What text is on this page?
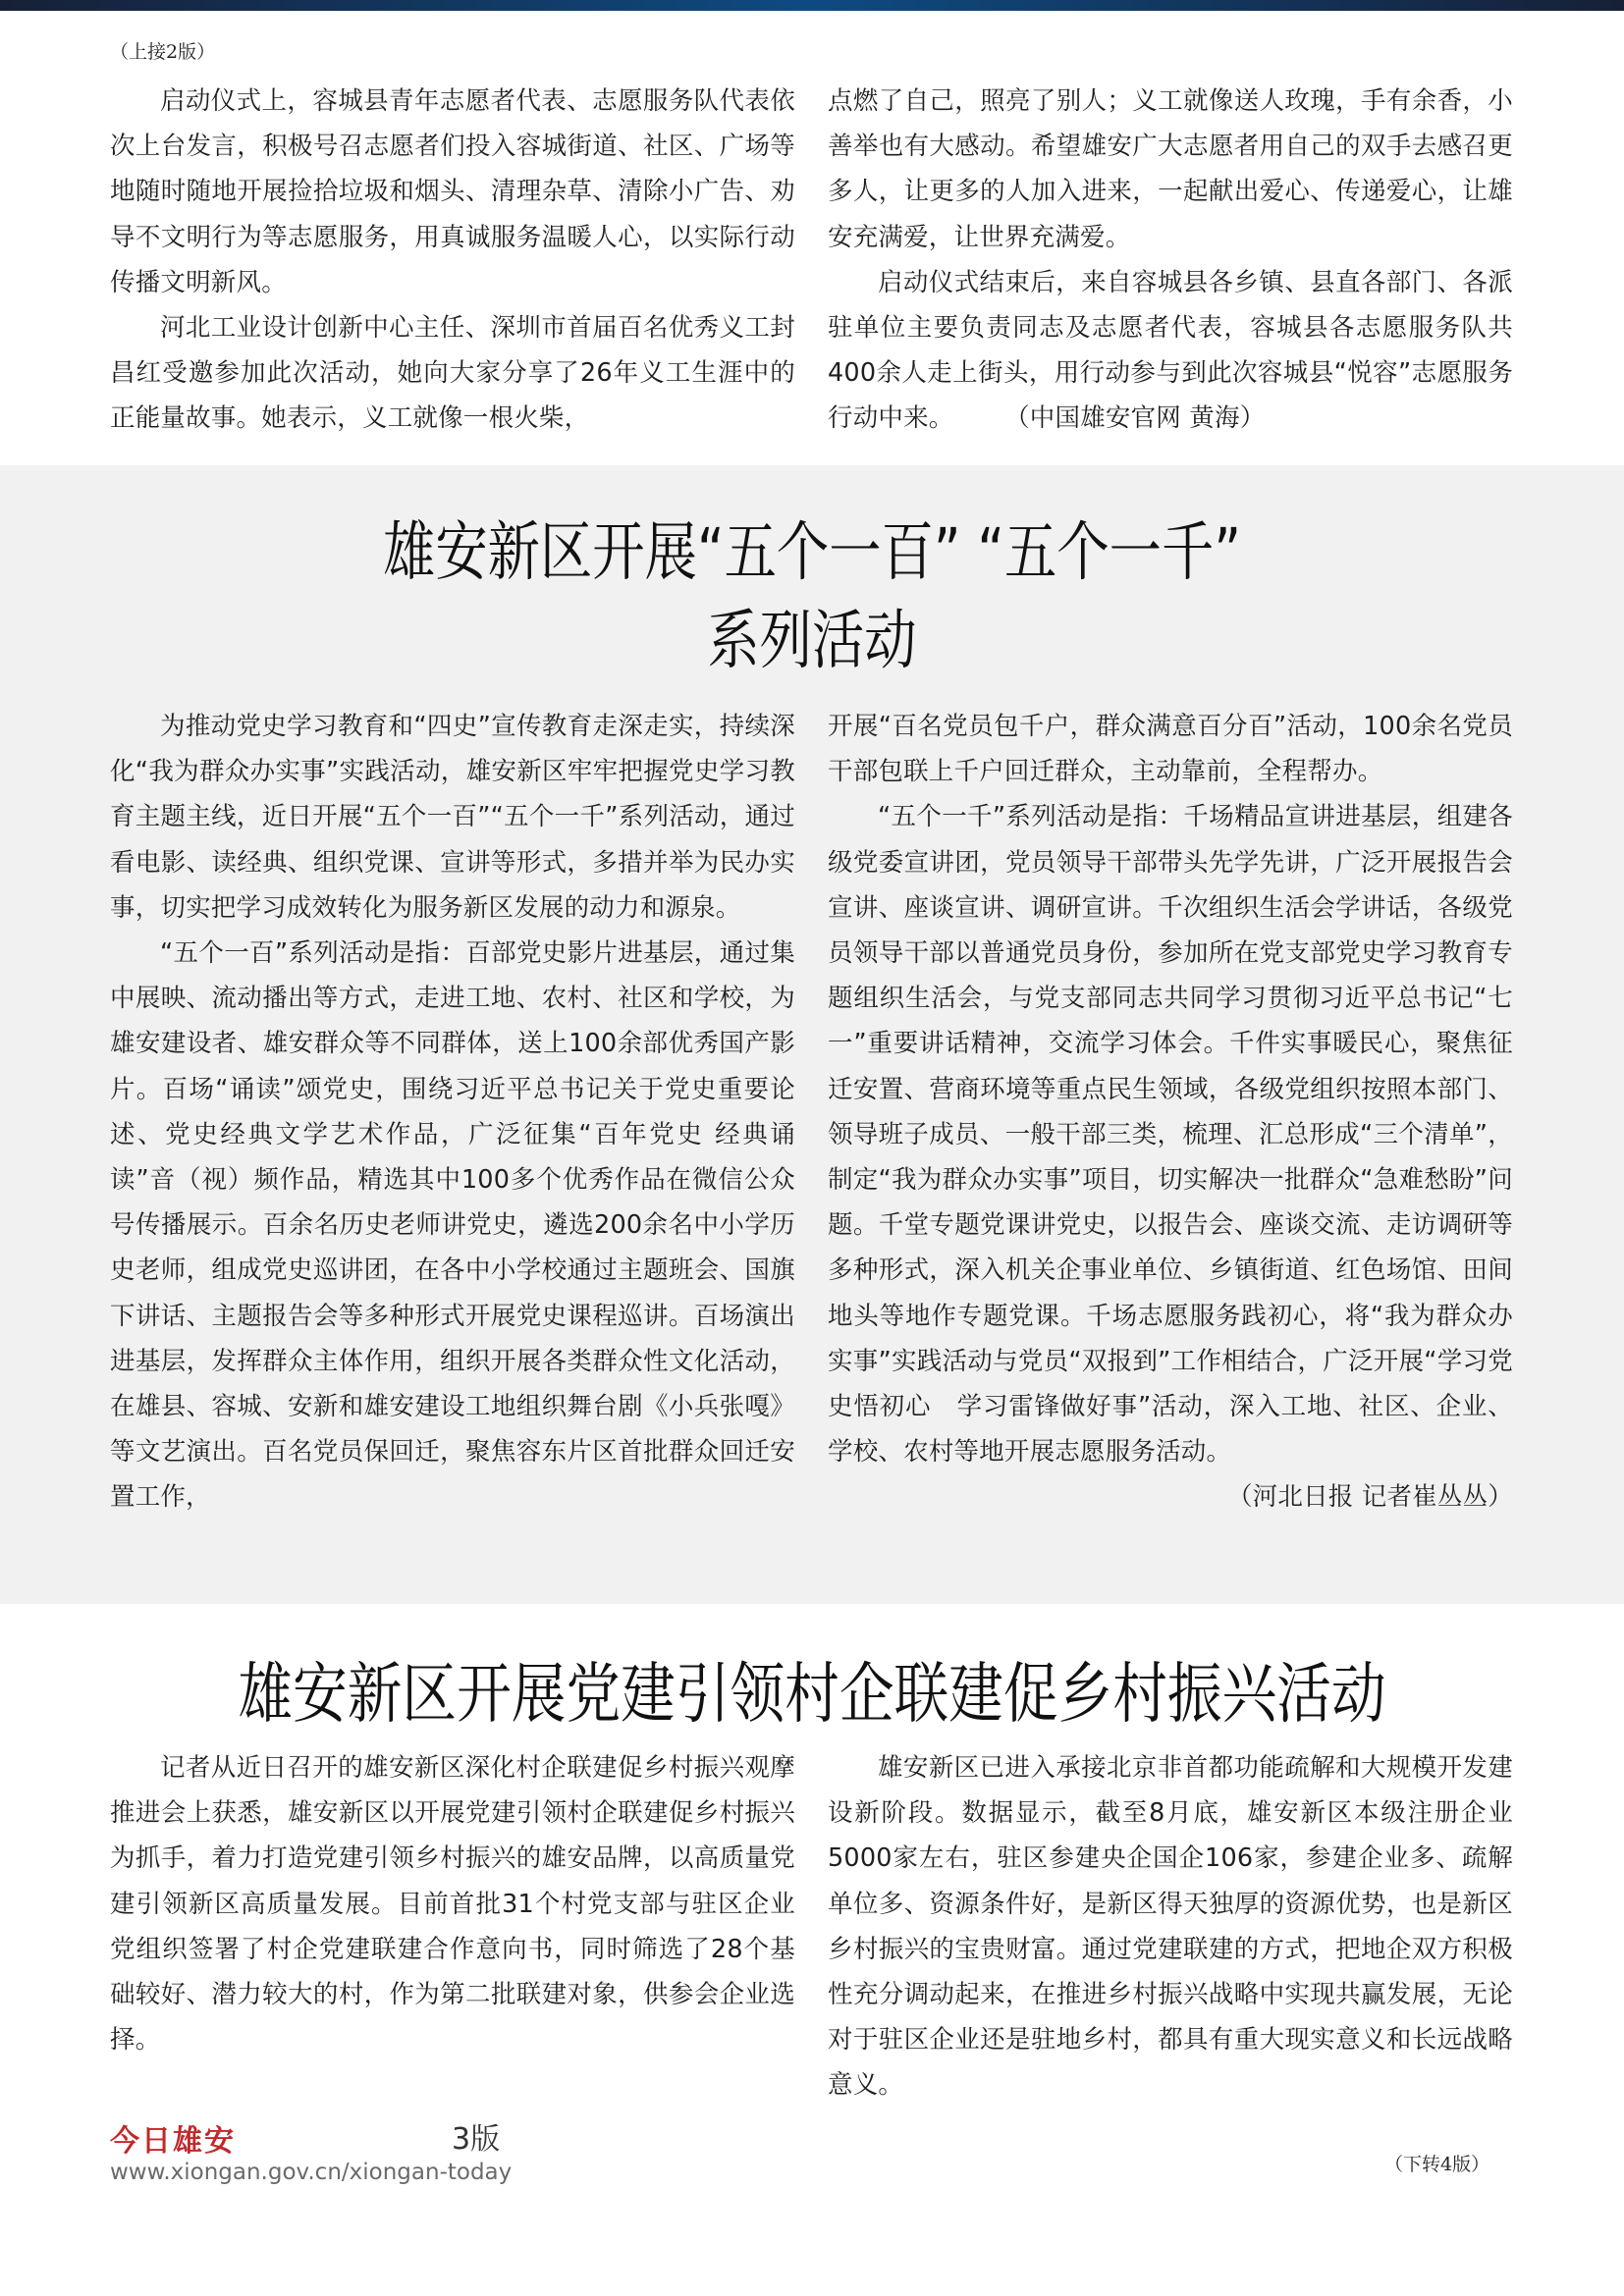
（上接2版）

启动仪式上，容城县青年志愿者代表、志愿服务队代表依次上台发言，积极号召志愿者们投入容城街道、社区、广场等地随时随地开展捡拾垃圾和烟头、清理杂草、清除小广告、劝导不文明行为等志愿服务，用真诚服务温暖人心，以实际行动传播文明新风。

河北工业设计创新中心主任、深圳市首届百名优秀义工封昌红受邀参加此次活动，她向大家分享了26年义工生涯中的正能量故事。她表示，义工就像一根火柴，

点燃了自己，照亮了别人；义工就像送人玫瑰，手有余香，小善举也有大感动。希望雄安广大志愿者用自己的双手去感召更多人，让更多的人加入进来，一起献出爱心、传递爱心，让雄安充满爱，让世界充满爱。

启动仪式结束后，来自容城县各乡镇、县直各部门、各派驻单位主要负责同志及志愿者代表，容城县各志愿服务队共400余人走上街头，用行动参与到此次容城县“悦容”志愿服务行动中来。　　　（中国雄安官网 黄海）

雄安新区开展“五个一百” “五个一千”
系列活动

为推动党史学习教育和“四史”宣传教育走深走实，持续深化“我为群众办实事”实践活动，雄安新区牢牢把握党史学习教育主题主线，近日开展“五个一百”“五个一千”系列活动，通过看电影、读经典、组织党课、宣讲等形式，多措并举为民办实事，切实把学习成效转化为服务新区发展的动力和源泉。

“五个一百”系列活动是指：百部党史影片进基层，通过集中展映、流动播出等方式，走进工地、农村、社区和学校，为雄安建设者、雄安群众等不同群体，送上100余部优秀国产影片。百场“诵读”颂党史，围绕习近平总书记关于党史重要论述、党史经典文学艺术作品，广泛征集“百年党史 经典诵读”音（视）频作品，精选其中100多个优秀作品在微信公众号传播展示。百余名历史老师讲党史，遴选200余名中小学历史老师，组成党史巡讲团，在各中小学校通过主题班会、国旗下讲话、主题报告会等多种形式开展党史课程巡讲。百场演出进基层，发挥群众主体作用，组织开展各类群众性文化活动，在雄县、容城、安新和雄安建设工地组织舞台剧《小兵张嘎》等文艺演出。百名党员保回迁，聚焦容东片区首批群众回迁安置工作，

开展“百名党员包千户，群众满意百分百”活动，100余名党员干部包联上千户回迁群众，主动靠前，全程帮办。

“五个一千”系列活动是指：千场精品宣讲进基层，组建各级党委宣讲团，党员领导干部带头先学先讲，广泛开展报告会宣讲、座谈宣讲、调研宣讲。千次组织生活会学讲话，各级党员领导干部以普通党员身份，参加所在党支部党史学习教育专题组织生活会，与党支部同志共同学习贯彻习近平总书记“七一”重要讲话精神，交流学习体会。千件实事暖民心，聚焦征迁安置、营商环境等重点民生领域，各级党组织按照本部门、领导班子成员、一般干部三类，梳理、汇总形成“三个清单”，制定“我为群众办实事”项目，切实解决一批群众“急难愁盼”问题。千堂专题党课讲党史，以报告会、座谈交流、走访调研等多种形式，深入机关企事业单位、乡镇街道、红色场馆、田间地头等地作专题党课。千场志愿服务践初心，将“我为群众办实事”实践活动与党员“双报到”工作相结合，广泛开展“学习党史悟初心　学习雷锋做好事”活动，深入工地、社区、企业、学校、农村等地开展志愿服务活动。

（河北日报 记者崔丛丛）

雄安新区开展党建引领村企联建促乡村振兴活动

记者从近日召开的雄安新区深化村企联建促乡村振兴观摩推进会上获悉，雄安新区以开展党建引领村企联建促乡村振兴为抓手，着力打造党建引领乡村振兴的雄安品牌，以高质量党建引领新区高质量发展。目前首批31个村党支部与驻区企业党组织签署了村企党建联建合作意向书，同时筛选了28个基础较好、潜力较大的村，作为第二批联建对象，供参会企业选择。

雄安新区已进入承接北京非首都功能疏解和大规模开发建设新阶段。数据显示，截至8月底，雄安新区本级注册企业5000家左右，驻区参建央企国企106家，参建企业多、疏解单位多、资源条件好，是新区得天独厚的资源优势，也是新区乡村振兴的宝贵财富。通过党建联建的方式，把地企双方积极性充分调动起来，在推进乡村振兴战略中实现共赢发展，无论对于驻区企业还是驻地乡村，都具有重大现实意义和长远战略意义。

今日雄安	3版
www.xiongan.gov.cn/xiongan-today	（下转4版）
